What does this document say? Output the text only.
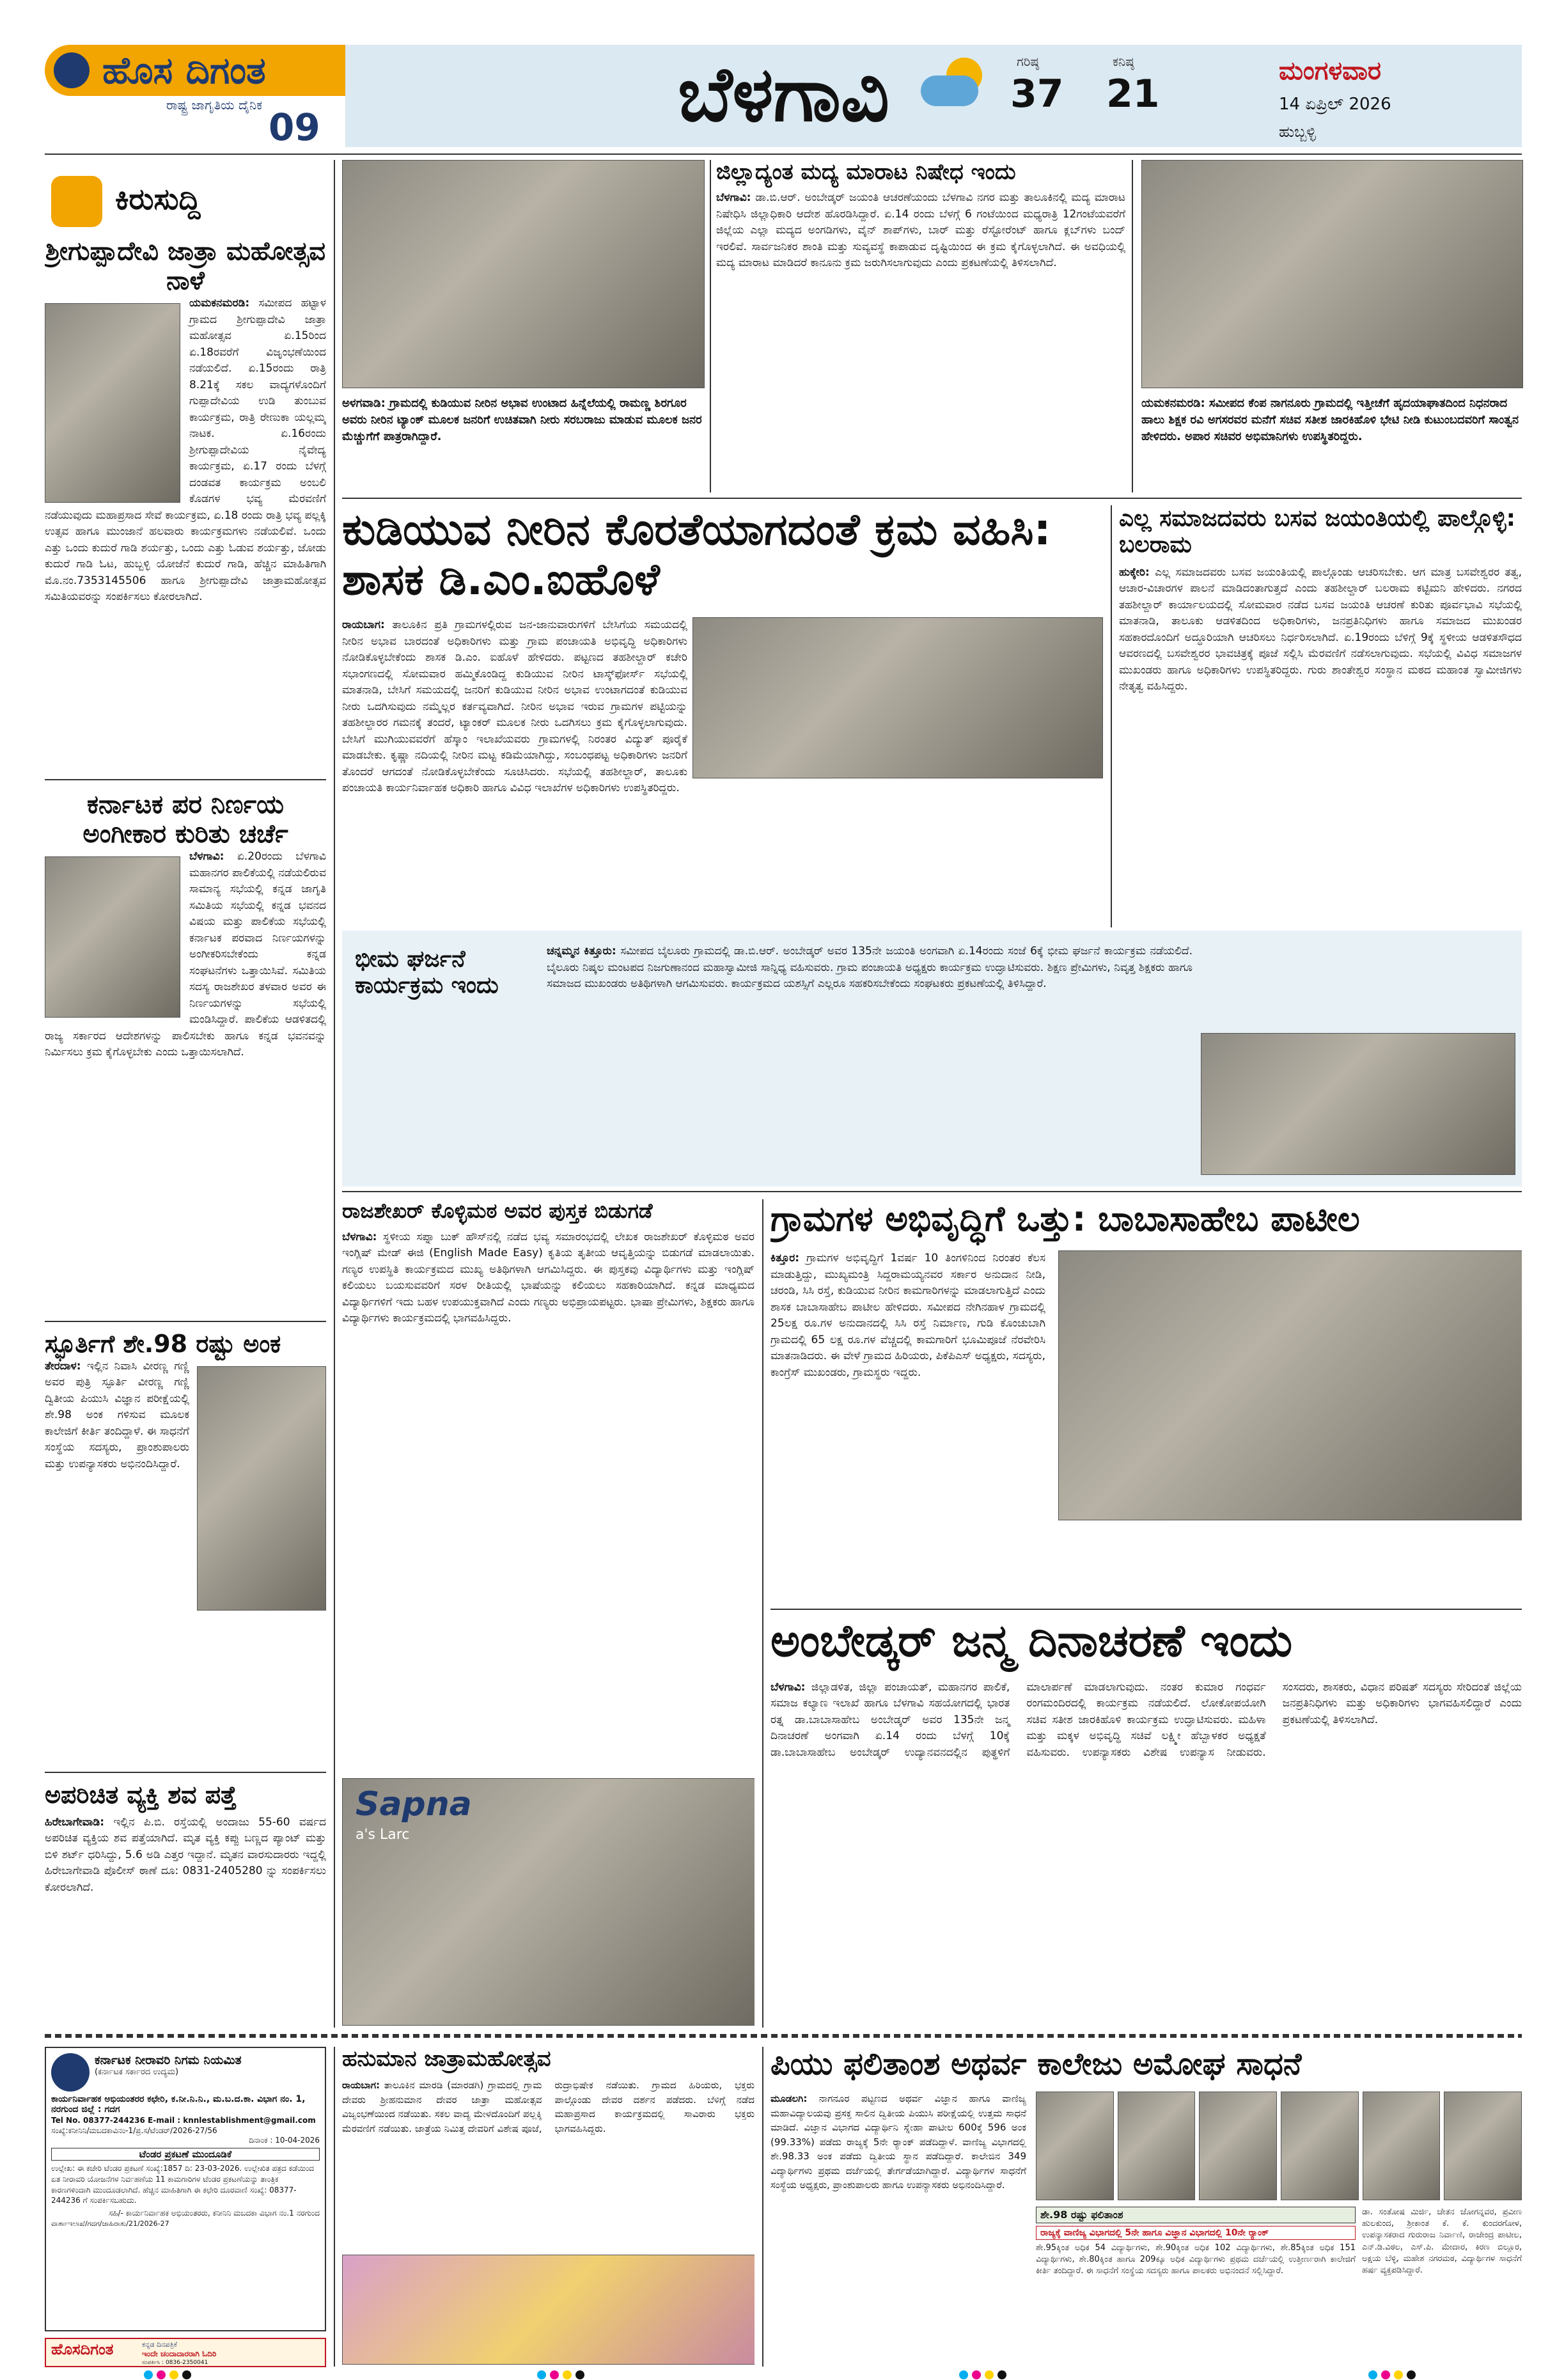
ಹೊಸ ದಿಗಂತ
ರಾಷ್ಟ್ರ ಜಾಗೃತಿಯ ದೈನಿಕ
09	ಬೆಳಗಾವಿ	ಗರಿಷ್ಠ
37
ಕನಿಷ್ಠ
21
ಮಂಗಳವಾರ
14 ಏಪ್ರಿಲ್ 2026
ಹುಬ್ಬಳ್ಳಿ
ಕಿರುಸುದ್ದಿ

ಶ್ರೀಗುಪ್ಪಾದೇವಿ ಜಾತ್ರಾ ಮಹೋತ್ಸವ ನಾಳೆ

ಯಮಕನಮರಡಿ: ಸಮೀಪದ ಹಟ್ಟಾಳ ಗ್ರಾಮದ ಶ್ರೀಗುಪ್ಪಾದೇವಿ ಜಾತ್ರಾ ಮಹೋತ್ಸವ ಏ.15ರಿಂದ ಏ.18ರವರೆಗೆ ವಿಜೃಂಭಣೆಯಿಂದ ನಡೆಯಲಿದೆ. ಏ.15ರಂದು ರಾತ್ರಿ 8.21ಕ್ಕೆ ಸಕಲ ವಾದ್ಯಗಳೊಂದಿಗೆ ಗುಪ್ಪಾದೇವಿಯ ಉಡಿ ತುಂಬುವ ಕಾರ್ಯಕ್ರಮ, ರಾತ್ರಿ ರೇಣುಕಾ ಯಲ್ಲಮ್ಮ ನಾಟಕ. ಏ.16ರಂದು ಶ್ರೀಗುಪ್ಪಾದೇವಿಯ ನೈವೇದ್ಯ ಕಾರ್ಯಕ್ರಮ, ಏ.17 ರಂದು ಬೆಳಗ್ಗೆ ದಂಡವತ ಕಾರ್ಯಕ್ರಮ ಅಂಬಲಿ ಕೊಡಗಳ ಭವ್ಯ ಮೆರವಣಿಗೆ ನಡೆಯುವುದು ಮಹಾಪ್ರಸಾದ ಸೇವೆ ಕಾರ್ಯಕ್ರಮ, ಏ.18 ರಂದು ರಾತ್ರಿ ಭವ್ಯ ಪಲ್ಲಕ್ಕಿ ಉತ್ಸವ ಹಾಗೂ ಮುಂಜಾನೆ ಹಲವಾರು ಕಾರ್ಯಕ್ರಮಗಳು ನಡೆಯಲಿವೆ. ಒಂದು ಎತ್ತು ಒಂದು ಕುದುರೆ ಗಾಡಿ ಶರ್ಯತ್ತು, ಒಂದು ಎತ್ತು ಓಡುವ ಶರ್ಯತ್ತು, ಜೋಡು ಕುದುರೆ ಗಾಡಿ ಓಟ, ಹುಬ್ಬಳ್ಳಿ ಯೋಜೆನೆ ಕುದುರೆ ಗಾಡಿ, ಹೆಚ್ಚಿನ ಮಾಹಿತಿಗಾಗಿ ಮೊ.ನಂ.7353145506 ಹಾಗೂ ಶ್ರೀಗುಪ್ಪಾದೇವಿ ಜಾತ್ರಾಮಹೋತ್ಸವ ಸಮಿತಿಯವರನ್ನು ಸಂಪರ್ಕಿಸಲು ಕೋರಲಾಗಿದೆ.

ಕರ್ನಾಟಕ ಪರ ನಿರ್ಣಯ ಅಂಗೀಕಾರ ಕುರಿತು ಚರ್ಚೆ

ಬೆಳಗಾವಿ: ಏ.20ರಂದು ಬೆಳಗಾವಿ ಮಹಾನಗರ ಪಾಲಿಕೆಯಲ್ಲಿ ನಡೆಯಲಿರುವ ಸಾಮಾನ್ಯ ಸಭೆಯಲ್ಲಿ ಕನ್ನಡ ಜಾಗೃತಿ ಸಮಿತಿಯ ಸಭೆಯಲ್ಲಿ ಕನ್ನಡ ಭವನದ ವಿಷಯ ಮತ್ತು ಪಾಲಿಕೆಯ ಸಭೆಯಲ್ಲಿ ಕರ್ನಾಟಕ ಪರವಾದ ನಿರ್ಣಯಗಳನ್ನು ಅಂಗೀಕರಿಸಬೇಕೆಂದು ಕನ್ನಡ ಸಂಘಟನೆಗಳು ಒತ್ತಾಯಿಸಿವೆ. ಸಮಿತಿಯ ಸದಸ್ಯ ರಾಜಶೇಖರ ತಳವಾರ ಅವರ ಈ ನಿರ್ಣಯಗಳನ್ನು ಸಭೆಯಲ್ಲಿ ಮಂಡಿಸಿದ್ದಾರೆ. ಪಾಲಿಕೆಯ ಆಡಳಿತದಲ್ಲಿ ರಾಜ್ಯ ಸರ್ಕಾರದ ಆದೇಶಗಳನ್ನು ಪಾಲಿಸಬೇಕು ಹಾಗೂ ಕನ್ನಡ ಭವನವನ್ನು ನಿರ್ಮಿಸಲು ಕ್ರಮ ಕೈಗೊಳ್ಳಬೇಕು ಎಂದು ಒತ್ತಾಯಿಸಲಾಗಿದೆ.

ಸ್ಫೂರ್ತಿಗೆ ಶೇ.98 ರಷ್ಟು ಅಂಕ

ತೇರದಾಳ: ಇಲ್ಲಿನ ನಿವಾಸಿ ವೀರಣ್ಣ ಗಣ್ಣಿ ಅವರ ಪುತ್ರಿ ಸ್ಫೂರ್ತಿ ವೀರಣ್ಣ ಗಣ್ಣಿ ದ್ವಿತೀಯ ಪಿಯುಸಿ ವಿಜ್ಞಾನ ಪರೀಕ್ಷೆಯಲ್ಲಿ ಶೇ.98 ಅಂಕ ಗಳಿಸುವ ಮೂಲಕ ಕಾಲೇಜಿಗೆ ಕೀರ್ತಿ ತಂದಿದ್ದಾಳೆ. ಈ ಸಾಧನೆಗೆ ಸಂಸ್ಥೆಯ ಸದಸ್ಯರು, ಪ್ರಾಂಶುಪಾಲರು ಮತ್ತು ಉಪನ್ಯಾಸಕರು ಅಭಿನಂದಿಸಿದ್ದಾರೆ.

ಅಪರಿಚಿತ ವ್ಯಕ್ತಿ ಶವ ಪತ್ತೆ

ಹಿರೇಬಾಗೇವಾಡಿ: ಇಲ್ಲಿನ ಪಿ.ಬಿ. ರಸ್ತೆಯಲ್ಲಿ ಅಂದಾಜು 55-60 ವರ್ಷದ ಅಪರಿಚಿತ ವ್ಯಕ್ತಿಯ ಶವ ಪತ್ತೆಯಾಗಿದೆ. ಮೃತ ವ್ಯಕ್ತಿ ಕಪ್ಪು ಬಣ್ಣದ ಪ್ಯಾಂಟ್ ಮತ್ತು ಬಿಳಿ ಶರ್ಟ್ ಧರಿಸಿದ್ದು, 5.6 ಅಡಿ ಎತ್ತರ ಇದ್ದಾನೆ. ಮೃತನ ವಾರಸುದಾರರು ಇದ್ದಲ್ಲಿ ಹಿರೇಬಾಗೇವಾಡಿ ಪೊಲೀಸ್ ಠಾಣೆ ದೂ: 0831-2405280 ನ್ನು ಸಂಪರ್ಕಿಸಲು ಕೋರಲಾಗಿದೆ.

ಅಳಗವಾಡಿ: ಗ್ರಾಮದಲ್ಲಿ ಕುಡಿಯುವ ನೀರಿನ ಅಭಾವ ಉಂಟಾದ ಹಿನ್ನೆಲೆಯಲ್ಲಿ ರಾಮಣ್ಣ ಶಿರಗೂರ ಅವರು ನೀರಿನ ಟ್ಯಾಂಕ್ ಮೂಲಕ ಜನರಿಗೆ ಉಚಿತವಾಗಿ ನೀರು ಸರಬರಾಜು ಮಾಡುವ ಮೂಲಕ ಜನರ ಮೆಚ್ಚುಗೆಗೆ ಪಾತ್ರರಾಗಿದ್ದಾರೆ.

ಜಿಲ್ಲಾದ್ಯಂತ ಮದ್ಯ ಮಾರಾಟ ನಿಷೇಧ ಇಂದು

ಬೆಳಗಾವಿ: ಡಾ.ಬಿ.ಆರ್. ಅಂಬೇಡ್ಕರ್ ಜಯಂತಿ ಆಚರಣೆಯಂದು ಬೆಳಗಾವಿ ನಗರ ಮತ್ತು ತಾಲೂಕಿನಲ್ಲಿ ಮದ್ಯ ಮಾರಾಟ ನಿಷೇಧಿಸಿ ಜಿಲ್ಲಾಧಿಕಾರಿ ಆದೇಶ ಹೊರಡಿಸಿದ್ದಾರೆ. ಏ.14 ರಂದು ಬೆಳಗ್ಗೆ 6 ಗಂಟೆಯಿಂದ ಮಧ್ಯರಾತ್ರಿ 12ಗಂಟೆಯವರೆಗೆ ಜಿಲ್ಲೆಯ ಎಲ್ಲಾ ಮದ್ಯದ ಅಂಗಡಿಗಳು, ವೈನ್ ಶಾಪ್‌ಗಳು, ಬಾರ್ ಮತ್ತು ರೆಸ್ಟೋರೆಂಟ್ ಹಾಗೂ ಕ್ಲಬ್‌ಗಳು ಬಂದ್ ಇರಲಿವೆ. ಸಾರ್ವಜನಿಕರ ಶಾಂತಿ ಮತ್ತು ಸುವ್ಯವಸ್ಥೆ ಕಾಪಾಡುವ ದೃಷ್ಟಿಯಿಂದ ಈ ಕ್ರಮ ಕೈಗೊಳ್ಳಲಾಗಿದೆ. ಈ ಅವಧಿಯಲ್ಲಿ ಮದ್ಯ ಮಾರಾಟ ಮಾಡಿದರೆ ಕಾನೂನು ಕ್ರಮ ಜರುಗಿಸಲಾಗುವುದು ಎಂದು ಪ್ರಕಟಣೆಯಲ್ಲಿ ತಿಳಿಸಲಾಗಿದೆ.

ಯಮಕನಮರಡಿ: ಸಮೀಪದ ಕೆಂಪ ನಾಗನೂರು ಗ್ರಾಮದಲ್ಲಿ ಇತ್ತೀಚೆಗೆ ಹೃದಯಾಘಾತದಿಂದ ನಿಧನರಾದ ಹಾಲು ಶಿಕ್ಷಕ ರವಿ ಅಗಸರವರ ಮನೆಗೆ ಸಚಿವ ಸತೀಶ ಜಾರಕಿಹೊಳಿ ಭೇಟಿ ನೀಡಿ ಕುಟುಂಬದವರಿಗೆ ಸಾಂತ್ವನ ಹೇಳಿದರು. ಅಪಾರ ಸಚಿವರ ಅಭಿಮಾನಿಗಳು ಉಪಸ್ಥಿತರಿದ್ದರು.

ಕುಡಿಯುವ ನೀರಿನ ಕೊರತೆಯಾಗದಂತೆ ಕ್ರಮ ವಹಿಸಿ: ಶಾಸಕ ಡಿ.ಎಂ.ಐಹೊಳೆ

ರಾಯಬಾಗ: ತಾಲೂಕಿನ ಪ್ರತಿ ಗ್ರಾಮಗಳಲ್ಲಿರುವ ಜನ-ಜಾನುವಾರುಗಳಿಗೆ ಬೇಸಿಗೆಯ ಸಮಯದಲ್ಲಿ ನೀರಿನ ಅಭಾವ ಬಾರದಂತೆ ಅಧಿಕಾರಿಗಳು ಮತ್ತು ಗ್ರಾಮ ಪಂಚಾಯತಿ ಅಭಿವೃದ್ಧಿ ಅಧಿಕಾರಿಗಳು ನೋಡಿಕೊಳ್ಳಬೇಕೆಂದು ಶಾಸಕ ಡಿ.ಎಂ. ಐಹೊಳೆ ಹೇಳಿದರು. ಪಟ್ಟಣದ ತಹಶೀಲ್ದಾರ್ ಕಚೇರಿ ಸಭಾಂಗಣದಲ್ಲಿ ಸೋಮವಾರ ಹಮ್ಮಿಕೊಂಡಿದ್ದ ಕುಡಿಯುವ ನೀರಿನ ಟಾಸ್ಕ್‌ಫೋರ್ಸ್ ಸಭೆಯಲ್ಲಿ ಮಾತನಾಡಿ, ಬೇಸಿಗೆ ಸಮಯದಲ್ಲಿ ಜನರಿಗೆ ಕುಡಿಯುವ ನೀರಿನ ಅಭಾವ ಉಂಟಾಗದಂತೆ ಕುಡಿಯುವ ನೀರು ಒದಗಿಸುವುದು ನಮ್ಮೆಲ್ಲರ ಕರ್ತವ್ಯವಾಗಿದೆ. ನೀರಿನ ಅಭಾವ ಇರುವ ಗ್ರಾಮಗಳ ಪಟ್ಟಿಯನ್ನು ತಹಶೀಲ್ದಾರರ ಗಮನಕ್ಕೆ ತಂದರೆ, ಟ್ಯಾಂಕರ್ ಮೂಲಕ ನೀರು ಒದಗಿಸಲು ಕ್ರಮ ಕೈಗೊಳ್ಳಲಾಗುವುದು. ಬೇಸಿಗೆ ಮುಗಿಯುವವರೆಗೆ ಹೆಸ್ಕಾಂ ಇಲಾಖೆಯವರು ಗ್ರಾಮಗಳಲ್ಲಿ ನಿರಂತರ ವಿದ್ಯುತ್ ಪೂರೈಕೆ ಮಾಡಬೇಕು. ಕೃಷ್ಣಾ ನದಿಯಲ್ಲಿ ನೀರಿನ ಮಟ್ಟ ಕಡಿಮೆಯಾಗಿದ್ದು, ಸಂಬಂಧಪಟ್ಟ ಅಧಿಕಾರಿಗಳು ಜನರಿಗೆ ತೊಂದರೆ ಆಗದಂತೆ ನೋಡಿಕೊಳ್ಳಬೇಕೆಂದು ಸೂಚಿಸಿದರು. ಸಭೆಯಲ್ಲಿ ತಹಶೀಲ್ದಾರ್, ತಾಲೂಕು ಪಂಚಾಯತಿ ಕಾರ್ಯನಿರ್ವಾಹಕ ಅಧಿಕಾರಿ ಹಾಗೂ ವಿವಿಧ ಇಲಾಖೆಗಳ ಅಧಿಕಾರಿಗಳು ಉಪಸ್ಥಿತರಿದ್ದರು.

ಎಲ್ಲ ಸಮಾಜದವರು ಬಸವ ಜಯಂತಿಯಲ್ಲಿ ಪಾಲ್ಗೊಳ್ಳಿ: ಬಲರಾಮ

ಹುಕ್ಕೇರಿ: ಎಲ್ಲ ಸಮಾಜದವರು ಬಸವ ಜಯಂತಿಯಲ್ಲಿ ಪಾಲ್ಗೊಂಡು ಆಚರಿಸಬೇಕು. ಆಗ ಮಾತ್ರ ಬಸವೇಶ್ವರರ ತತ್ವ, ಆಚಾರ-ವಿಚಾರಗಳ ಪಾಲನೆ ಮಾಡಿದಂತಾಗುತ್ತದೆ ಎಂದು ತಹಶೀಲ್ದಾರ್ ಬಲರಾಮ ಕಟ್ಟಿಮನಿ ಹೇಳಿದರು. ನಗರದ ತಹಶೀಲ್ದಾರ್ ಕಾರ್ಯಾಲಯದಲ್ಲಿ ಸೋಮವಾರ ನಡೆದ ಬಸವ ಜಯಂತಿ ಆಚರಣೆ ಕುರಿತು ಪೂರ್ವಭಾವಿ ಸಭೆಯಲ್ಲಿ ಮಾತನಾಡಿ, ತಾಲೂಕು ಆಡಳಿತದಿಂದ ಅಧಿಕಾರಿಗಳು, ಜನಪ್ರತಿನಿಧಿಗಳು ಹಾಗೂ ಸಮಾಜದ ಮುಖಂಡರ ಸಹಕಾರದೊಂದಿಗೆ ಅದ್ಧೂರಿಯಾಗಿ ಆಚರಿಸಲು ನಿರ್ಧರಿಸಲಾಗಿದೆ. ಏ.19ರಂದು ಬೆಳಿಗ್ಗೆ 9ಕ್ಕೆ ಸ್ಥಳೀಯ ಆಡಳಿತಸೌಧದ ಆವರಣದಲ್ಲಿ ಬಸವೇಶ್ವರರ ಭಾವಚಿತ್ರಕ್ಕೆ ಪೂಜೆ ಸಲ್ಲಿಸಿ ಮೆರವಣಿಗೆ ನಡೆಸಲಾಗುವುದು. ಸಭೆಯಲ್ಲಿ ವಿವಿಧ ಸಮಾಜಗಳ ಮುಖಂಡರು ಹಾಗೂ ಅಧಿಕಾರಿಗಳು ಉಪಸ್ಥಿತರಿದ್ದರು. ಗುರು ಶಾಂತೇಶ್ವರ ಸಂಸ್ಥಾನ ಮಠದ ಮಹಾಂತ ಸ್ವಾಮೀಜಿಗಳು ನೇತೃತ್ವ ವಹಿಸಿದ್ದರು.

ಭೀಮ ಘರ್ಜನೆ ಕಾರ್ಯಕ್ರಮ ಇಂದು

ಚನ್ನಮ್ಮನ ಕಿತ್ತೂರು: ಸಮೀಪದ ಬೈಲೂರು ಗ್ರಾಮದಲ್ಲಿ ಡಾ.ಬಿ.ಆರ್. ಅಂಬೇಡ್ಕರ್ ಅವರ 135ನೇ ಜಯಂತಿ ಅಂಗವಾಗಿ ಏ.14ರಂದು ಸಂಜೆ 6ಕ್ಕೆ ಭೀಮ ಘರ್ಜನೆ ಕಾರ್ಯಕ್ರಮ ನಡೆಯಲಿದೆ. ಬೈಲೂರು ನಿಷ್ಕಲ ಮಂಟಪದ ನಿಜಗುಣಾನಂದ ಮಹಾಸ್ವಾಮೀಜಿ ಸಾನ್ನಿಧ್ಯ ವಹಿಸುವರು. ಗ್ರಾಮ ಪಂಚಾಯತಿ ಅಧ್ಯಕ್ಷರು ಕಾರ್ಯಕ್ರಮ ಉದ್ಘಾಟಿಸುವರು. ಶಿಕ್ಷಣ ಪ್ರೇಮಿಗಳು, ನಿವೃತ್ತ ಶಿಕ್ಷಕರು ಹಾಗೂ ಸಮಾಜದ ಮುಖಂಡರು ಅತಿಥಿಗಳಾಗಿ ಆಗಮಿಸುವರು. ಕಾರ್ಯಕ್ರಮದ ಯಶಸ್ಸಿಗೆ ಎಲ್ಲರೂ ಸಹಕರಿಸಬೇಕೆಂದು ಸಂಘಟಕರು ಪ್ರಕಟಣೆಯಲ್ಲಿ ತಿಳಿಸಿದ್ದಾರೆ.

ರಾಜಶೇಖರ್ ಕೊಳ್ಳಿಮಠ ಅವರ ಪುಸ್ತಕ ಬಿಡುಗಡೆ

ಬೆಳಗಾವಿ: ಸ್ಥಳೀಯ ಸಪ್ನಾ ಬುಕ್ ಹೌಸ್‌ನಲ್ಲಿ ನಡೆದ ಭವ್ಯ ಸಮಾರಂಭದಲ್ಲಿ ಲೇಖಕ ರಾಜಶೇಖರ್ ಕೊಳ್ಳಿಮಠ ಅವರ ಇಂಗ್ಲಿಷ್ ಮೇಡ್ ಈಜಿ (English Made Easy) ಕೃತಿಯ ತೃತೀಯ ಆವೃತ್ತಿಯನ್ನು ಬಿಡುಗಡೆ ಮಾಡಲಾಯಿತು. ಗಣ್ಯರ ಉಪಸ್ಥಿತಿ ಕಾರ್ಯಕ್ರಮದ ಮುಖ್ಯ ಅತಿಥಿಗಳಾಗಿ ಆಗಮಿಸಿದ್ದರು. ಈ ಪುಸ್ತಕವು ವಿದ್ಯಾರ್ಥಿಗಳು ಮತ್ತು ಇಂಗ್ಲಿಷ್ ಕಲಿಯಲು ಬಯಸುವವರಿಗೆ ಸರಳ ರೀತಿಯಲ್ಲಿ ಭಾಷೆಯನ್ನು ಕಲಿಯಲು ಸಹಕಾರಿಯಾಗಿದೆ. ಕನ್ನಡ ಮಾಧ್ಯಮದ ವಿದ್ಯಾರ್ಥಿಗಳಿಗೆ ಇದು ಬಹಳ ಉಪಯುಕ್ತವಾಗಿದೆ ಎಂದು ಗಣ್ಯರು ಅಭಿಪ್ರಾಯಪಟ್ಟರು. ಭಾಷಾ ಪ್ರೇಮಿಗಳು, ಶಿಕ್ಷಕರು ಹಾಗೂ ವಿದ್ಯಾರ್ಥಿಗಳು ಕಾರ್ಯಕ್ರಮದಲ್ಲಿ ಭಾಗವಹಿಸಿದ್ದರು.

Sapna
a's Larc

ಗ್ರಾಮಗಳ ಅಭಿವೃದ್ಧಿಗೆ ಒತ್ತು: ಬಾಬಾಸಾಹೇಬ ಪಾಟೀಲ

ಕಿತ್ತೂರ: ಗ್ರಾಮಗಳ ಅಭಿವೃದ್ಧಿಗೆ 1ವರ್ಷ 10 ತಿಂಗಳಿನಿಂದ ನಿರಂತರ ಕೆಲಸ ಮಾಡುತ್ತಿದ್ದು, ಮುಖ್ಯಮಂತ್ರಿ ಸಿದ್ದರಾಮಯ್ಯನವರ ಸರ್ಕಾರ ಅನುದಾನ ನೀಡಿ, ಚರಂಡಿ, ಸಿಸಿ ರಸ್ತೆ, ಕುಡಿಯುವ ನೀರಿನ ಕಾಮಗಾರಿಗಳನ್ನು ಮಾಡಲಾಗುತ್ತಿದೆ ಎಂದು ಶಾಸಕ ಬಾಬಾಸಾಹೇಬ ಪಾಟೀಲ ಹೇಳಿದರು. ಸಮೀಪದ ನೇಗಿನಹಾಳ ಗ್ರಾಮದಲ್ಲಿ 25ಲಕ್ಷ ರೂ.ಗಳ ಅನುದಾನದಲ್ಲಿ ಸಿಸಿ ರಸ್ತೆ ನಿರ್ಮಾಣ, ಗುಡಿ ಕೊಂಚುಬಾಗಿ ಗ್ರಾಮದಲ್ಲಿ 65 ಲಕ್ಷ ರೂ.ಗಳ ವೆಚ್ಚದಲ್ಲಿ ಕಾಮಗಾರಿಗೆ ಭೂಮಿಪೂಜೆ ನೆರವೇರಿಸಿ ಮಾತನಾಡಿದರು. ಈ ವೇಳೆ ಗ್ರಾಮದ ಹಿರಿಯರು, ಪಿಕೆಪಿಎಸ್ ಅಧ್ಯಕ್ಷರು, ಸದಸ್ಯರು, ಕಾಂಗ್ರೆಸ್ ಮುಖಂಡರು, ಗ್ರಾಮಸ್ಥರು ಇದ್ದರು.

ಅಂಬೇಡ್ಕರ್ ಜನ್ಮ ದಿನಾಚರಣೆ ಇಂದು

ಬೆಳಗಾವಿ: ಜಿಲ್ಲಾಡಳಿತ, ಜಿಲ್ಲಾ ಪಂಚಾಯತ್, ಮಹಾನಗರ ಪಾಲಿಕೆ, ಸಮಾಜ ಕಲ್ಯಾಣ ಇಲಾಖೆ ಹಾಗೂ ಬೆಳಗಾವಿ ಸಹಯೋಗದಲ್ಲಿ ಭಾರತ ರತ್ನ ಡಾ.ಬಾಬಾಸಾಹೇಬ ಅಂಬೇಡ್ಕರ್ ಅವರ 135ನೇ ಜನ್ಮ ದಿನಾಚರಣೆ ಅಂಗವಾಗಿ ಏ.14 ರಂದು ಬೆಳಗ್ಗೆ 10ಕ್ಕೆ ಡಾ.ಬಾಬಾಸಾಹೇಬ ಅಂಬೇಡ್ಕರ್ ಉದ್ಯಾನವನದಲ್ಲಿನ ಪುತ್ಥಳಿಗೆ ಮಾಲಾರ್ಪಣೆ ಮಾಡಲಾಗುವುದು. ನಂತರ ಕುಮಾರ ಗಂಧರ್ವ ರಂಗಮಂದಿರದಲ್ಲಿ ಕಾರ್ಯಕ್ರಮ ನಡೆಯಲಿದೆ. ಲೋಕೋಪಯೋಗಿ ಸಚಿವ ಸತೀಶ ಜಾರಕಿಹೊಳಿ ಕಾರ್ಯಕ್ರಮ ಉದ್ಘಾಟಿಸುವರು. ಮಹಿಳಾ ಮತ್ತು ಮಕ್ಕಳ ಅಭಿವೃದ್ಧಿ ಸಚಿವೆ ಲಕ್ಷ್ಮೀ ಹೆಬ್ಬಾಳಕರ ಅಧ್ಯಕ್ಷತೆ ವಹಿಸುವರು. ಉಪನ್ಯಾಸಕರು ವಿಶೇಷ ಉಪನ್ಯಾಸ ನೀಡುವರು. ಸಂಸದರು, ಶಾಸಕರು, ವಿಧಾನ ಪರಿಷತ್ ಸದಸ್ಯರು ಸೇರಿದಂತೆ ಜಿಲ್ಲೆಯ ಜನಪ್ರತಿನಿಧಿಗಳು ಮತ್ತು ಅಧಿಕಾರಿಗಳು ಭಾಗವಹಿಸಲಿದ್ದಾರೆ ಎಂದು ಪ್ರಕಟಣೆಯಲ್ಲಿ ತಿಳಿಸಲಾಗಿದೆ.

ಕರ್ನಾಟಕ ನೀರಾವರಿ ನಿಗಮ ನಿಯಮಿತ
(ಕರ್ನಾಟಕ ಸರ್ಕಾರದ ಉದ್ಯಮ)
ಕಾರ್ಯನಿರ್ವಾಹಕ ಅಭಿಯಂತರರ ಕಛೇರಿ, ಕ.ನೀ.ನಿ.ನಿ., ಮ.ಬ.ದ.ಕಾ. ವಿಭಾಗ ನಂ. 1, ನರಗುಂದ ಜಿಲ್ಲೆ : ಗದಗ
Tel No. 08377-244236 E-mail : knnlestablishment@gmail.com
ಸಂಖ್ಯೆ:ಕನೀನಿನಿ/ಮಬದಕಾವಿನಂ-1/ಪ್ರ.ಸ/ಟೆಂಡರ್/2026-27/56
ದಿನಾಂಕ : 10-04-2026
ಟೆಂಡರ ಪ್ರಕಟಣೆ ಮುಂದೂಡಿಕೆ
ಉಲ್ಲೇಖ: ಈ ಕಚೇರಿ ಟೆಂಡರ ಪ್ರಕಟಣೆ ಸಂಖ್ಯೆ:1857 ದಿ: 23-03-2026. ಉಲ್ಲೇಖಿತ ಪತ್ರದ ಕಡೆಯಿಂದ ಏತ ನೀರಾವರಿ ಯೋಜನೆಗಳ ನಿರ್ವಹಣೆಯ 11 ಕಾಮಗಾರಿಗಳ ಟೆಂಡರ ಪ್ರಕಟಣೆಯನ್ನು ತಾಂತ್ರಿಕ ಕಾರಣಗಳಿಂದಾಗಿ ಮುಂದೂಡಲಾಗಿದೆ. ಹೆಚ್ಚಿನ ಮಾಹಿತಿಗಾಗಿ ಈ ಕಛೇರಿ ದೂರವಾಣಿ ಸಂಖ್ಯೆ: 08377-244236 ಗೆ ಸಂಪರ್ಕಿಸಬಹುದು.
ಸಹಿ/- ಕಾರ್ಯನಿರ್ವಾಹಕ ಅಭಿಯಂತರರು, ಕನೀನಿನಿ ಮಬದಕಾ ವಿಭಾಗ ನಂ.1 ನರಗುಂದ
ವಾರ್ತಾಇಲಾಖೆ/ಗದಗ/ಜಾಹಿರಾತು/21/2026-27
ಹೊಸದಿಗಂತ	ಕನ್ನಡ ದಿನಪತ್ರಿಕೆ
ಇಂದೇ ಚಂದಾದಾರರಾಗಿ ಓದಿರಿ
ಸಂಪರ್ಕಿಸಿ : 0836-2350041

ಹನುಮಾನ ಜಾತ್ರಾಮಹೋತ್ಸವ

ರಾಯಬಾಗ: ತಾಲೂಕಿನ ಮಾರಡಿ (ಮಾರಡಗಿ) ಗ್ರಾಮದಲ್ಲಿ ಗ್ರಾಮ ದೇವರು ಶ್ರೀಹನುಮಾನ ದೇವರ ಜಾತ್ರಾ ಮಹೋತ್ಸವ ವಿಜೃಂಭಣೆಯಿಂದ ನಡೆಯಿತು. ಸಕಲ ವಾದ್ಯ ಮೇಳದೊಂದಿಗೆ ಪಲ್ಲಕ್ಕಿ ಮೆರವಣಿಗೆ ನಡೆಯಿತು. ಜಾತ್ರೆಯ ನಿಮಿತ್ತ ದೇವರಿಗೆ ವಿಶೇಷ ಪೂಜೆ, ರುದ್ರಾಭಿಷೇಕ ನಡೆಯಿತು. ಗ್ರಾಮದ ಹಿರಿಯರು, ಭಕ್ತರು ಪಾಲ್ಗೊಂಡು ದೇವರ ದರ್ಶನ ಪಡೆದರು. ಬೆಳಿಗ್ಗೆ ನಡೆದ ಮಹಾಪ್ರಸಾದ ಕಾರ್ಯಕ್ರಮದಲ್ಲಿ ಸಾವಿರಾರು ಭಕ್ತರು ಭಾಗವಹಿಸಿದ್ದರು.

ಪಿಯು ಫಲಿತಾಂಶ ಅಥರ್ವ ಕಾಲೇಜು ಅಮೋಘ ಸಾಧನೆ

ಮೂಡಲಗಿ: ನಾಗನೂರ ಪಟ್ಟಣದ ಅಥರ್ವ ವಿಜ್ಞಾನ ಹಾಗೂ ವಾಣಿಜ್ಯ ಮಹಾವಿದ್ಯಾಲಯವು ಪ್ರಸಕ್ತ ಸಾಲಿನ ದ್ವಿತೀಯ ಪಿಯುಸಿ ಪರೀಕ್ಷೆಯಲ್ಲಿ ಉತ್ತಮ ಸಾಧನೆ ಮಾಡಿದೆ. ವಿಜ್ಞಾನ ವಿಭಾಗದ ವಿದ್ಯಾರ್ಥಿನಿ ಸ್ನೇಹಾ ಪಾಟೀಲ 600ಕ್ಕೆ 596 ಅಂಕ (99.33%) ಪಡೆದು ರಾಜ್ಯಕ್ಕೆ 5ನೇ ರ‍್ಯಾಂಕ್ ಪಡೆದಿದ್ದಾಳೆ. ವಾಣಿಜ್ಯ ವಿಭಾಗದಲ್ಲಿ ಶೇ.98.33 ಅಂಕ ಪಡೆದು ದ್ವಿತೀಯ ಸ್ಥಾನ ಪಡೆದಿದ್ದಾರೆ. ಕಾಲೇಜಿನ 349 ವಿದ್ಯಾರ್ಥಿಗಳು ಪ್ರಥಮ ದರ್ಜೆಯಲ್ಲಿ ತೇರ್ಗಡೆಯಾಗಿದ್ದಾರೆ. ವಿದ್ಯಾರ್ಥಿಗಳ ಸಾಧನೆಗೆ ಸಂಸ್ಥೆಯ ಅಧ್ಯಕ್ಷರು, ಪ್ರಾಂಶುಪಾಲರು ಹಾಗೂ ಉಪನ್ಯಾಸಕರು ಅಭಿನಂದಿಸಿದ್ದಾರೆ.

ಶೇ.98 ರಷ್ಟು ಫಲಿತಾಂಶ
ರಾಜ್ಯಕ್ಕೆ ವಾಣಿಜ್ಯ ವಿಭಾಗದಲ್ಲಿ 5ನೇ ಹಾಗೂ ವಿಜ್ಞಾನ ವಿಭಾಗದಲ್ಲಿ 10ನೇ ರ‍್ಯಾಂಕ್

ಶೇ.95ಕ್ಕಿಂತ ಅಧಿಕ 54 ವಿದ್ಯಾರ್ಥಿಗಳು, ಶೇ.90ಕ್ಕಿಂತ ಅಧಿಕ 102 ವಿದ್ಯಾರ್ಥಿಗಳು, ಶೇ.85ಕ್ಕಿಂತ ಅಧಿಕ 151 ವಿದ್ಯಾರ್ಥಿಗಳು, ಶೇ.80ಕ್ಕಿಂತ ಹಾಗೂ 209ಕ್ಕೂ ಅಧಿಕ ವಿದ್ಯಾರ್ಥಿಗಳು ಪ್ರಥಮ ದರ್ಜೆಯಲ್ಲಿ ಉತ್ತೀರ್ಣರಾಗಿ ಕಾಲೇಜಿಗೆ ಕೀರ್ತಿ ತಂದಿದ್ದಾರೆ. ಈ ಸಾಧನೆಗೆ ಸಂಸ್ಥೆಯ ಸದಸ್ಯರು ಹಾಗೂ ಪಾಲಕರು ಅಭಿನಂದನೆ ಸಲ್ಲಿಸಿದ್ದಾರೆ.

ಡಾ. ಸಂತೋಷ ಮಿರ್ಜಿ, ಚೇತನ ಜೋಗನ್ನವರ, ಪ್ರವೀಣ ಹುಲಕುಂದ, ಶ್ರೀಕಾಂತ ಕೆ. ಕೆ. ಕುಂದರಗೋಳ, ಉಪನ್ಯಾಸಕರಾದ ಗುರುರಾಜ ನಿರ್ವಾಣಿ, ರಾಜೇಂದ್ರ ಪಾಟೀಲ, ಎನ್.ಡಿ.ವಿಠಲ, ಎಸ್.ಪಿ. ಮೇದಾರ, ಕಿರಣ ಬಿಲ್ಲೂರ, ಅಕ್ಷಯ ಬೆಳ್ಳಿ, ಮಹೇಶ ನಗರಮಠ, ವಿದ್ಯಾರ್ಥಿಗಳ ಸಾಧನೆಗೆ ಹರ್ಷ ವ್ಯಕ್ತಪಡಿಸಿದ್ದಾರೆ.
